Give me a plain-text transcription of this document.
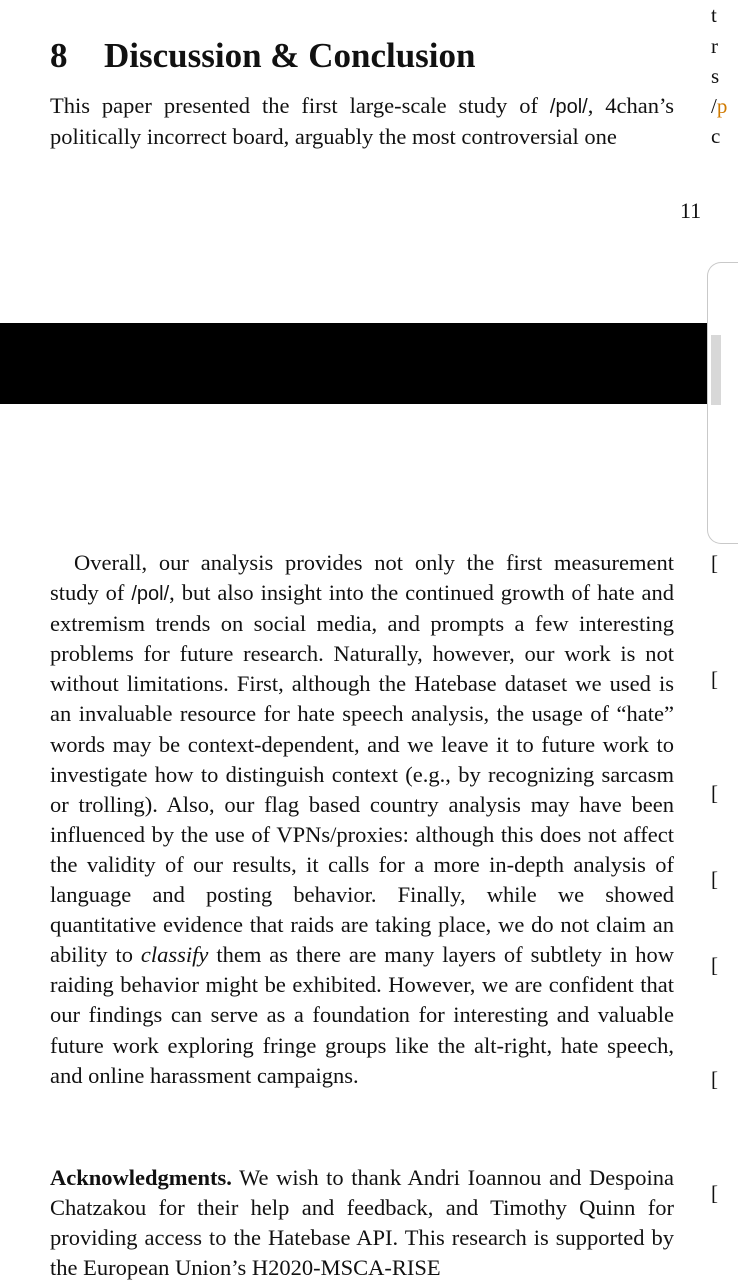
8 Discussion & Conclusion

This paper presented the first large-scale study of /pol/, 4chan’s politically incorrect board, arguably the most controversial one

11

Overall, our analysis provides not only the first measurement study of /pol/, but also insight into the continued growth of hate and extremism trends on social media, and prompts a few interesting problems for future research. Naturally, however, our work is not without limitations. First, although the Hatebase dataset we used is an invaluable resource for hate speech analysis, the usage of “hate” words may be context-dependent, and we leave it to future work to investigate how to distinguish context (e.g., by recognizing sarcasm or trolling). Also, our flag based country analysis may have been influenced by the use of VPNs/proxies: although this does not affect the validity of our results, it calls for a more in-depth analysis of language and posting behavior. Finally, while we showed quantitative evidence that raids are taking place, we do not claim an ability to classify them as there are many layers of subtlety in how raiding behavior might be exhibited. However, we are confident that our findings can serve as a foundation for interesting and valuable future work exploring fringe groups like the alt-right, hate speech, and online harassment campaigns.

Acknowledgments. We wish to thank Andri Ioannou and Despoina Chatzakou for their help and feedback, and Timothy Quinn for providing access to the Hatebase API. This research is supported by the European Union’s H2020-MSCA-RISE

t
r
s
/p
c
[
[
[
[
[
[
[
